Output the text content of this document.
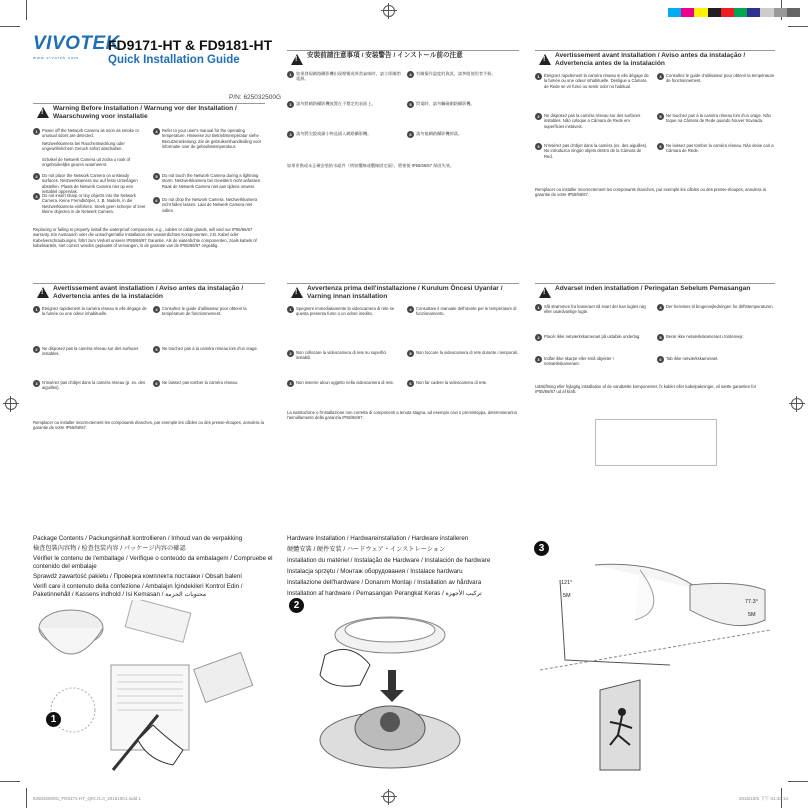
VIVOTEK
www.vivotek.com
FD9171-HT & FD9181-HT
Quick Installation Guide
P/N: 625032500G
!
Warning Before Installation / Warnung vor der Installation / Waarschuwing voor installatie
1	Power off the Network Camera as soon as smoke or unusual odors are detected.
Netzwerkkamera bei Rauchentwicklung oder ungewöhnlichem Geruch sofort abschalten.
Schakel de Netwerk Camera uit zodra u rook of ongebruikelijke geuren waarneemt.
2	Do not place the Network Camera on unsteady surfaces. Netzwerkkamera nur auf feste Unterlagen abstellen. Plaats de Netwerk Camera niet op een instabiel oppervlak.
3	Do not insert sharp or tiny objects into the Network Camera. Keine Fremdkörper, z. B. Nadeln, in die Netzwerkkamera einführen. Steek geen scherpe of zeer kleine objecten in de Netwerk Camera.
4	Refer to your user's manual for the operating temperature. Hinweise zur Betriebstemperatur siehe Benutzeranleitung. Zie de gebruikershandleiding voor informatie over de gebruikstemperatuur.
5	Do not touch the Network Camera during a lightning storm. Netzwerkkamera bei Gewittern nicht anfassen. Raak de Netwerk Camera niet aan tijdens onweer.
6	Do not drop the Network Camera. Netzwerkkamera nicht fallen lassen. Laat de Netwerk Camera niet vallen.
Replacing or failing to properly install the waterproof components, e.g., cables or cable glands, will void our IP55/66/67 warranty. Ein Austausch oder die unsachgemäße Installation der wasserdichten Komponenten, z.B. Kabel oder Kabelverschraubungen, führt zum Verlust unserer IP55/66/67 Garantie. Als de waterdichte componenten, zoals kabels of kabelwartels, niet correct worden geplaatst of vervangen, is de garantie van de IP55/66/67 ongeldig.
!
安裝前請注意事項 / 安装警告 / インストール前の注意
1	如果發現網路攝影機出現煙霧或異常氣味時，請立即關閉電源。
2	請勿將網路攝影機放置在不穩定的表面上。
3	請勿將尖銳或細小物品插入網路攝影機。
4	有關操作溫度的資訊，請參閱使用者手冊。
5	閃電時，請勿觸碰網路攝影機。
6	請勿使網路攝影機掉落。
如果更換或未正確安裝防水組件（例如纜線或纜線固定頭），將會使 IP55/66/67 保固失效。
!
Avertissement avant installation / Aviso antes da instalação / Advertencia antes de la instalación
1	Éteignez rapidement la caméra réseau si elle dégage de la fumée ou une odeur inhabituelle. Desligue a Câmara de Rede se vir fumo ou sentir odor no habitual.
2	Ne disposez pas la caméra réseau sur des surfaces instables. Não coloque a Câmara de Rede em superfícies instáveis.
3	N'insérez pas d'objet dans la caméra (ex. des aiguilles). No introduzca ningún objeto dentro de la Cámara de Red.
Remplacer ou installer incorrectement les composants étanches, par exemple les câbles ou des presse-étoupes, annulera la garantie de votre IP55/66/67.
4	Consultez le guide d'utilisateur pour obtenir la température de fonctionnement.
5	Ne touchez pas à la caméra réseau lors d'un orage. Não toque na Câmara de Rede quando houver trovoada.
6	Ne laissez pas tomber la caméra réseau. Não deixe cair a Câmara de Rede.
!
Avertissement avant installation / Aviso antes da instalação / Advertencia antes de la instalación
1	Éteignez rapidement la caméra réseau si elle dégage de la fumée ou une odeur inhabituelle.
2	Ne disposez pas la caméra réseau sur des surfaces instables.
3	N'insérez pas d'objet dans la caméra réseau (p. ex. des aiguilles).
4	Consultez le guide d'utilisateur pour obtenir la température de fonctionnement.
5	Ne touchez pas à la caméra réseau lors d'un orage.
6	Ne laissez pas tomber la caméra réseau.
Remplacer ou installer incorrectement les composants étanches, par exemple les câbles ou des presse-étoupes, annulera la garantie de votre IP55/66/67.
!
Avvertenza prima dell'installazione / Kurulum Öncesi Uyarılar / Varning innan installation
1	Spegnere immediatamente la videocamera di rete se questa presenta fumo o un odore insolito.
2	Non collocare la videocamera di rete su superfici instabili.
3	Non inserire alcun oggetto nella videocamera di rete.
4	Consultare il manuale dell'utente per le temperature di funzionamento.
5	Non toccare la videocamera di rete durante i temporali.
6	Non far cadere la videocamera di rete.
La sostituzione o l'installazione non corretta di componenti a tenuta stagna, ad esempio cavi o premistoppa, determineranno l'annullamento della garanzia IP55/66/67.
!
Advarsel inden installation / Peringatan Sebelum Pemasangan
1	Slå strømmen fra kameraet så snart der kan lugtes røg eller usædvanlige lugte.
2	Placér ikke netværkskameraet på ustabile underlag.
3	Indfør ikke skarpe eller små objekter i netværkskameraet.
Udskiftning eller fejlagtig installation af de vandtætte komponenter, fx kabler eller kabelpakninger, vil sætte garantien for IP55/66/67 ud af kraft.
4	Der henvises til brugervejledningen for driftstemperaturen.
5	Berør ikke netværkskameraet i tordenvejr.
6	Tab ikke netværkskameraet.
Package Contents / Packungsinhalt kontrollieren / Inhoud van de verpakking
檢查包裝內容物 / 检查包装内容 / パッケージ内容の確認
Vérifier le contenu de l'emballage / Verifique o conteúdo da embalagem / Compruebe el contenido del embalaje
Sprawdź zawartość pakietu / Проверка комплекта поставки / Obsah balení
Verifi care il contenuto della confezione / Ambalajın İçindekileri Kontrol Edin / Paketinnehåll / Kassens indhold / Isi Kemasan / محتويات الحزمة
1
Hardware Installation / Hardwareinstallation / Hardware installeren
硬體安裝 / 硬件安装 / ハードウェア・インストレーション
Installation du matériel / Instalação de Hardware / Instalación de hardware
Instalacja sprzętu / Монтаж оборудования / Instalace hardwaru
Installazione dell'hardware / Donanım Montajı / Installation av hårdvara
Installation af hardware / Pemasangan Perangkat Keras / تركيب الأجهزة
2
3
121°
5M
77.3°
5M
625032500G_FD9171-HT_QIG.r1.0_20151001.indd 1	2015/10/5 下午 01:33:14
